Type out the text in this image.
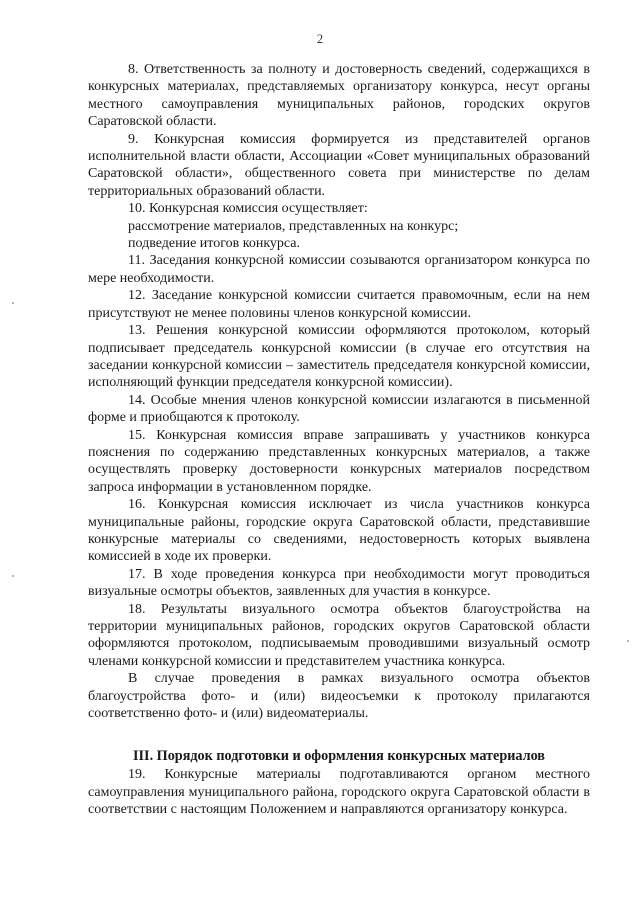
2

8. Ответственность за полноту и достоверность сведений, содержащихся в конкурсных материалах, представляемых организатору конкурса, несут органы местного самоуправления муниципальных районов, городских округов Саратовской области.

9. Конкурсная комиссия формируется из представителей органов исполнительной власти области, Ассоциации «Совет муниципальных образований Саратовской области», общественного совета при министерстве по делам территориальных образований области.

10. Конкурсная комиссия осуществляет:

рассмотрение материалов, представленных на конкурс;

подведение итогов конкурса.

11. Заседания конкурсной комиссии созываются организатором конкурса по мере необходимости.

12. Заседание конкурсной комиссии считается правомочным, если на нем присутствуют не менее половины членов конкурсной комиссии.

13. Решения конкурсной комиссии оформляются протоколом, который подписывает председатель конкурсной комиссии (в случае его отсутствия на заседании конкурсной комиссии – заместитель председателя конкурсной комиссии, исполняющий функции председателя конкурсной комиссии).

14. Особые мнения членов конкурсной комиссии излагаются в письменной форме и приобщаются к протоколу.

15. Конкурсная комиссия вправе запрашивать у участников конкурса пояснения по содержанию представленных конкурсных материалов, а также осуществлять проверку достоверности конкурсных материалов посредством запроса информации в установленном порядке.

16. Конкурсная комиссия исключает из числа участников конкурса муниципальные районы, городские округа Саратовской области, представившие конкурсные материалы со сведениями, недостоверность которых выявлена комиссией в ходе их проверки.

17. В ходе проведения конкурса при необходимости могут проводиться визуальные осмотры объектов, заявленных для участия в конкурсе.

18. Результаты визуального осмотра объектов благоустройства на территории муниципальных районов, городских округов Саратовской области оформляются протоколом, подписываемым проводившими визуальный осмотр членами конкурсной комиссии и представителем участника конкурса.

В случае проведения в рамках визуального осмотра объектов благоустройства фото- и (или) видеосъемки к протоколу прилагаются соответственно фото- и (или) видеоматериалы.

III. Порядок подготовки и оформления конкурсных материалов

19. Конкурсные материалы подготавливаются органом местного самоуправления муниципального района, городского округа Саратовской области в соответствии с настоящим Положением и направляются организатору конкурса.
